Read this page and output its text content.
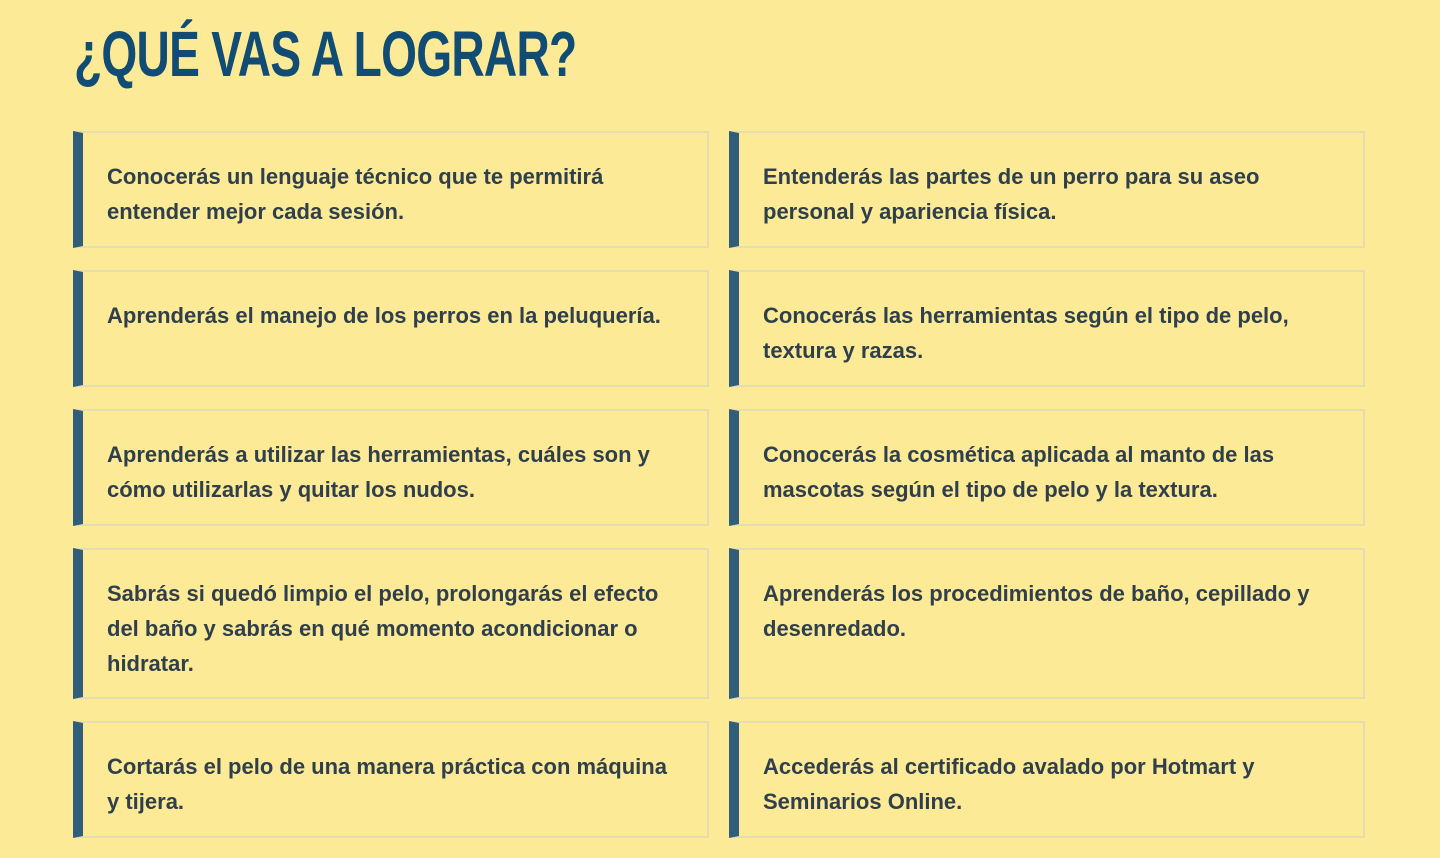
¿QUÉ VAS A LOGRAR?

Conocerás un lenguaje técnico que te permitirá entender mejor cada sesión.

Entenderás las partes de un perro para su aseo personal y apariencia física.

Aprenderás el manejo de los perros en la peluquería.	Conocerás las herramientas según el tipo de pelo, textura y razas.

Aprenderás a utilizar las herramientas, cuáles son y cómo utilizarlas y quitar los nudos.

Conocerás la cosmética aplicada al manto de las mascotas según el tipo de pelo y la textura.

Sabrás si quedó limpio el pelo, prolongarás el efecto del baño y sabrás en qué momento acondicionar o hidratar.

Aprenderás los procedimientos de baño, cepillado y desenredado.

Cortarás el pelo de una manera práctica con máquina y tijera.

Accederás al certificado avalado por Hotmart y Seminarios Online.
